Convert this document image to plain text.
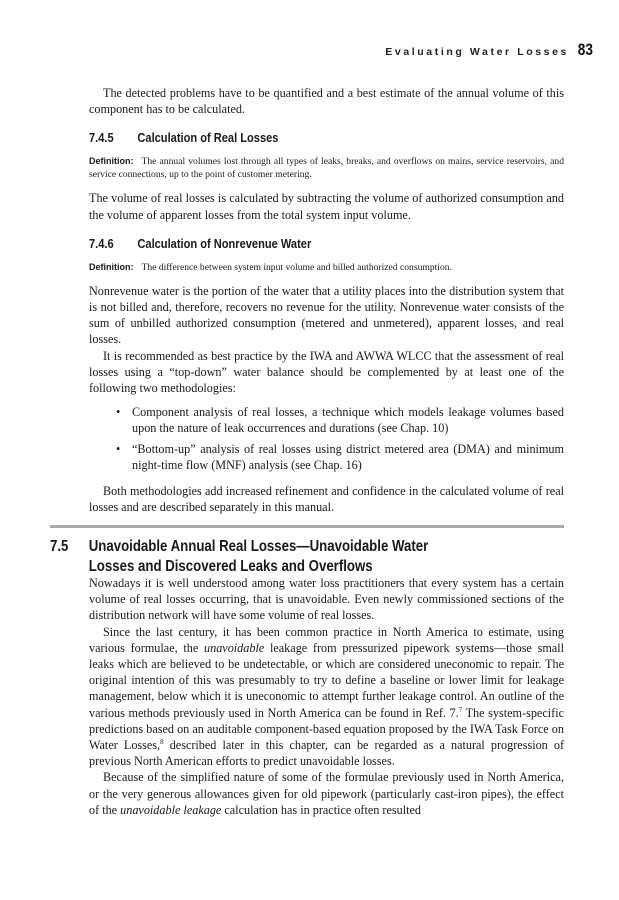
Evaluating Water Losses 83

The detected problems have to be quantified and a best estimate of the annual volume of this component has to be calculated.

7.4.5 Calculation of Real Losses

Definition: The annual volumes lost through all types of leaks, breaks, and overflows on mains, service reservoirs, and service connections, up to the point of customer metering.

The volume of real losses is calculated by subtracting the volume of authorized consumption and the volume of apparent losses from the total system input volume.

7.4.6 Calculation of Nonrevenue Water

Definition: The difference between system input volume and billed authorized consumption.

Nonrevenue water is the portion of the water that a utility places into the distribution system that is not billed and, therefore, recovers no revenue for the utility. Nonrevenue water consists of the sum of unbilled authorized consumption (metered and unmetered), apparent losses, and real losses.

It is recommended as best practice by the IWA and AWWA WLCC that the assessment of real losses using a “top-down” water balance should be complemented by at least one of the following two methodologies:

• Component analysis of real losses, a technique which models leakage volumes based upon the nature of leak occurrences and durations (see Chap. 10)
• “Bottom-up” analysis of real losses using district metered area (DMA) and minimum night-time flow (MNF) analysis (see Chap. 16)

Both methodologies add increased refinement and confidence in the calculated volume of real losses and are described separately in this manual.

7.5 Unavoidable Annual Real Losses—Unavoidable Water
Losses and Discovered Leaks and Overflows

Nowadays it is well understood among water loss practitioners that every system has a certain volume of real losses occurring, that is unavoidable. Even newly commissioned sections of the distribution network will have some volume of real losses.

Since the last century, it has been common practice in North America to estimate, using various formulae, the unavoidable leakage from pressurized pipework systems—those small leaks which are believed to be undetectable, or which are considered uneconomic to repair. The original intention of this was presumably to try to define a baseline or lower limit for leakage management, below which it is uneconomic to attempt further leakage control. An outline of the various methods previously used in North America can be found in Ref. 7.$^7$ The system-specific predictions based on an auditable component-based equation proposed by the IWA Task Force on Water Losses,$^8$ described later in this chapter, can be regarded as a natural progression of previous North American efforts to predict unavoidable losses.

Because of the simplified nature of some of the formulae previously used in North America, or the very generous allowances given for old pipework (particularly cast-iron pipes), the effect of the unavoidable leakage calculation has in practice often resulted
